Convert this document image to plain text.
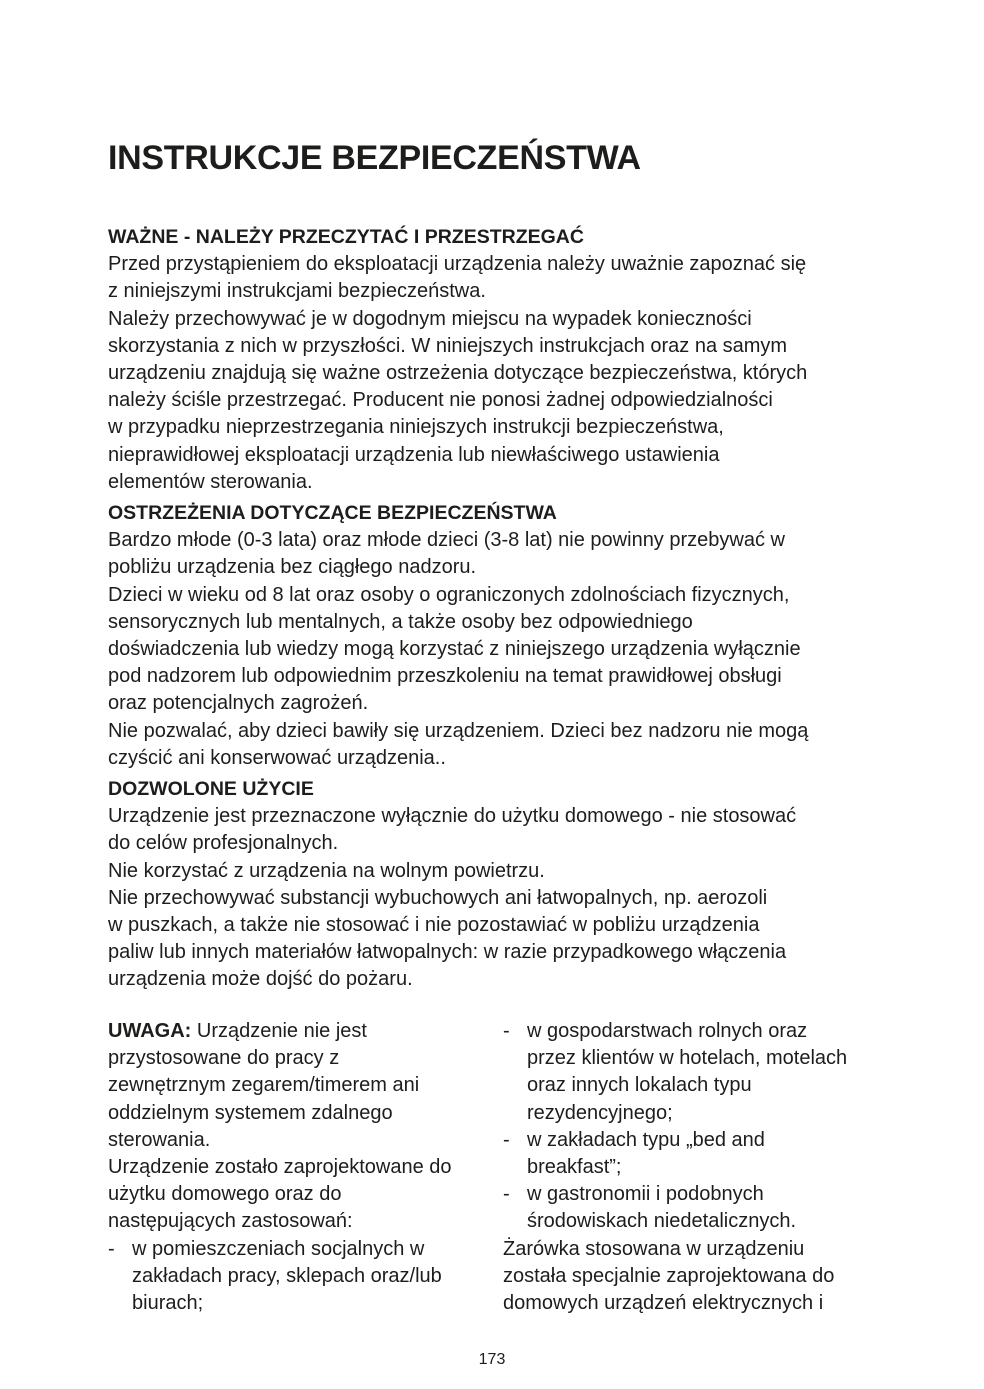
INSTRUKCJE BEZPIECZEŃSTWA
WAŻNE - NALEŻY PRZECZYTAĆ I PRZESTRZEGAĆ

Przed przystąpieniem do eksploatacji urządzenia należy uważnie zapoznać się
z niniejszymi instrukcjami bezpieczeństwa.
Należy przechowywać je w dogodnym miejscu na wypadek konieczności
skorzystania z nich w przyszłości. W niniejszych instrukcjach oraz na samym
urządzeniu znajdują się ważne ostrzeżenia dotyczące bezpieczeństwa, których
należy ściśle przestrzegać. Producent nie ponosi żadnej odpowiedzialności
w przypadku nieprzestrzegania niniejszych instrukcji bezpieczeństwa,
nieprawidłowej eksploatacji urządzenia lub niewłaściwego ustawienia
elementów sterowania.

OSTRZEŻENIA DOTYCZĄCE BEZPIECZEŃSTWA

Bardzo młode (0-3 lata) oraz młode dzieci (3-8 lat) nie powinny przebywać w
pobliżu urządzenia bez ciągłego nadzoru.
Dzieci w wieku od 8 lat oraz osoby o ograniczonych zdolnościach fizycznych,
sensorycznych lub mentalnych, a także osoby bez odpowiedniego
doświadczenia lub wiedzy mogą korzystać z niniejszego urządzenia wyłącznie
pod nadzorem lub odpowiednim przeszkoleniu na temat prawidłowej obsługi
oraz potencjalnych zagrożeń.
Nie pozwalać, aby dzieci bawiły się urządzeniem. Dzieci bez nadzoru nie mogą
czyścić ani konserwować urządzenia..

DOZWOLONE UŻYCIE

Urządzenie jest przeznaczone wyłącznie do użytku domowego - nie stosować
do celów profesjonalnych.
Nie korzystać z urządzenia na wolnym powietrzu.
Nie przechowywać substancji wybuchowych ani łatwopalnych, np. aerozoli
w puszkach, a także nie stosować i nie pozostawiać w pobliżu urządzenia
paliw lub innych materiałów łatwopalnych: w razie przypadkowego włączenia
urządzenia może dojść do pożaru.

UWAGA: Urządzenie nie jest
przystosowane do pracy z
zewnętrznym zegarem/timerem ani
oddzielnym systemem zdalnego
sterowania.
Urządzenie zostało zaprojektowane do
użytku domowego oraz do
następujących zastosowań:
- w pomieszczeniach socjalnych w
zakładach pracy, sklepach oraz/lub
biurach;
- w gospodarstwach rolnych oraz
przez klientów w hotelach, motelach
oraz innych lokalach typu
rezydencyjnego;
- w zakładach typu „bed and
breakfast”;
- w gastronomii i podobnych
środowiskach niedetalicznych.
Żarówka stosowana w urządzeniu
została specjalnie zaprojektowana do
domowych urządzeń elektrycznych i
173
